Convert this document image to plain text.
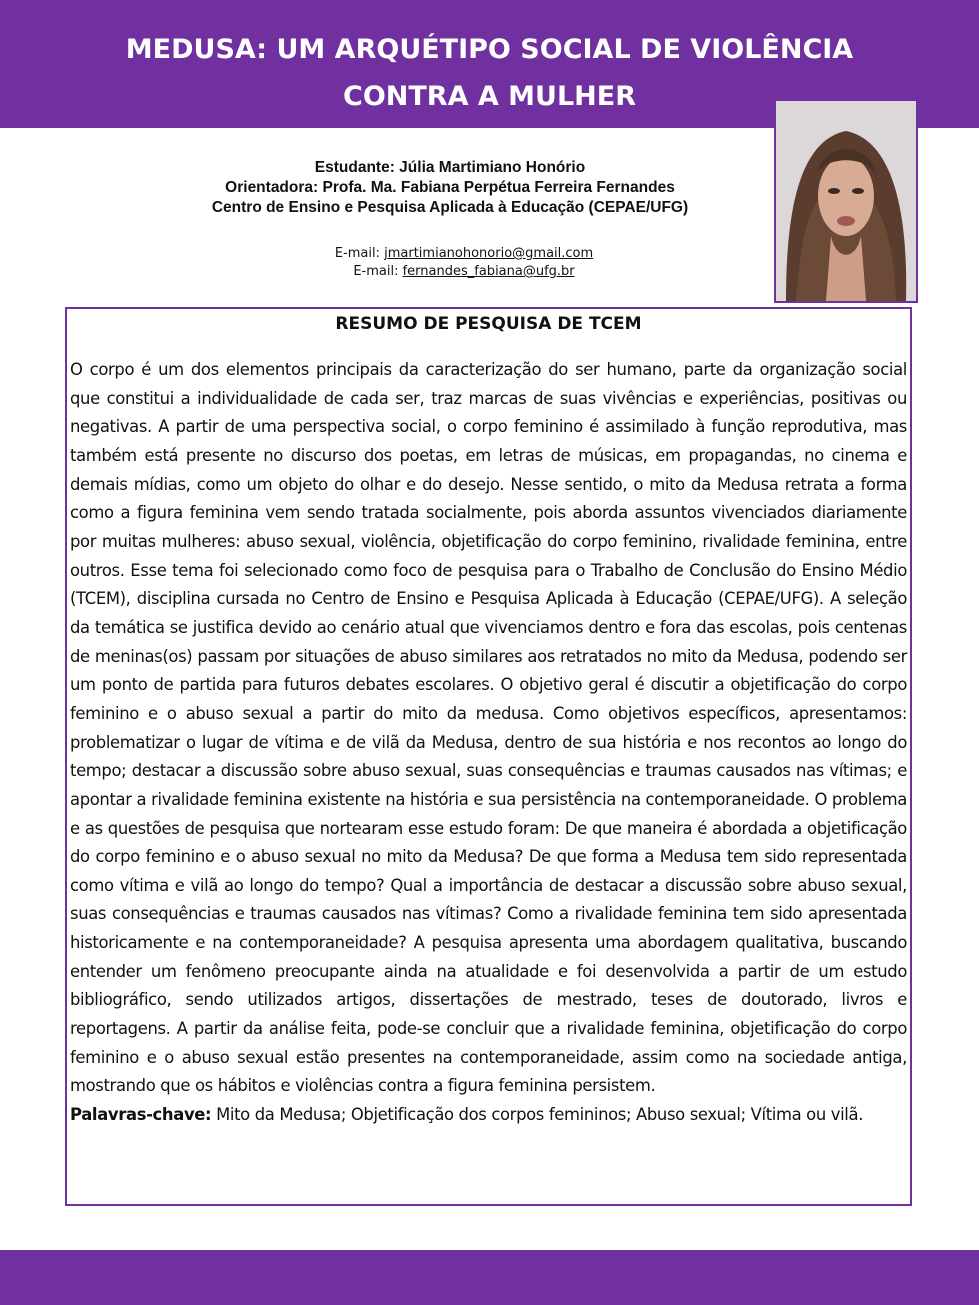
MEDUSA: UM ARQUÉTIPO SOCIAL DE VIOLÊNCIA
CONTRA A MULHER
Estudante: Júlia Martimiano Honório
Orientadora: Profa. Ma. Fabiana Perpétua Ferreira Fernandes
Centro de Ensino e Pesquisa Aplicada à Educação (CEPAE/UFG)
E-mail: jmartimianohonorio@gmail.com
E-mail: fernandes_fabiana@ufg.br
RESUMO DE PESQUISA DE TCEM

O corpo é um dos elementos principais da caracterização do ser humano, parte da organização social que constitui a individualidade de cada ser, traz marcas de suas vivências e experiências, positivas ou negativas. A partir de uma perspectiva social, o corpo feminino é assimilado à função reprodutiva, mas também está presente no discurso dos poetas, em letras de músicas, em propagandas, no cinema e demais mídias, como um objeto do olhar e do desejo. Nesse sentido, o mito da Medusa retrata a forma como a figura feminina vem sendo tratada socialmente, pois aborda assuntos vivenciados diariamente por muitas mulheres: abuso sexual, violência, objetificação do corpo feminino, rivalidade feminina, entre outros. Esse tema foi selecionado como foco de pesquisa para o Trabalho de Conclusão do Ensino Médio (TCEM), disciplina cursada no Centro de Ensino e Pesquisa Aplicada à Educação (CEPAE/UFG). A seleção da temática se justifica devido ao cenário atual que vivenciamos dentro e fora das escolas, pois centenas de meninas(os) passam por situações de abuso similares aos retratados no mito da Medusa, podendo ser um ponto de partida para futuros debates escolares. O objetivo geral é discutir a objetificação do corpo feminino e o abuso sexual a partir do mito da medusa. Como objetivos específicos, apresentamos: problematizar o lugar de vítima e de vilã da Medusa, dentro de sua história e nos recontos ao longo do tempo; destacar a discussão sobre abuso sexual, suas consequências e traumas causados nas vítimas; e apontar a rivalidade feminina existente na história e sua persistência na contemporaneidade. O problema e as questões de pesquisa que nortearam esse estudo foram: De que maneira é abordada a objetificação do corpo feminino e o abuso sexual no mito da Medusa? De que forma a Medusa tem sido representada como vítima e vilã ao longo do tempo? Qual a importância de destacar a discussão sobre abuso sexual, suas consequências e traumas causados nas vítimas? Como a rivalidade feminina tem sido apresentada historicamente e na contemporaneidade? A pesquisa apresenta uma abordagem qualitativa, buscando entender um fenômeno preocupante ainda na atualidade e foi desenvolvida a partir de um estudo bibliográfico, sendo utilizados artigos, dissertações de mestrado, teses de doutorado, livros e reportagens. A partir da análise feita, pode-se concluir que a rivalidade feminina, objetificação do corpo feminino e o abuso sexual estão presentes na contemporaneidade, assim como na sociedade antiga, mostrando que os hábitos e violências contra a figura feminina persistem.

Palavras-chave: Mito da Medusa; Objetificação dos corpos femininos; Abuso sexual; Vítima ou vilã.
